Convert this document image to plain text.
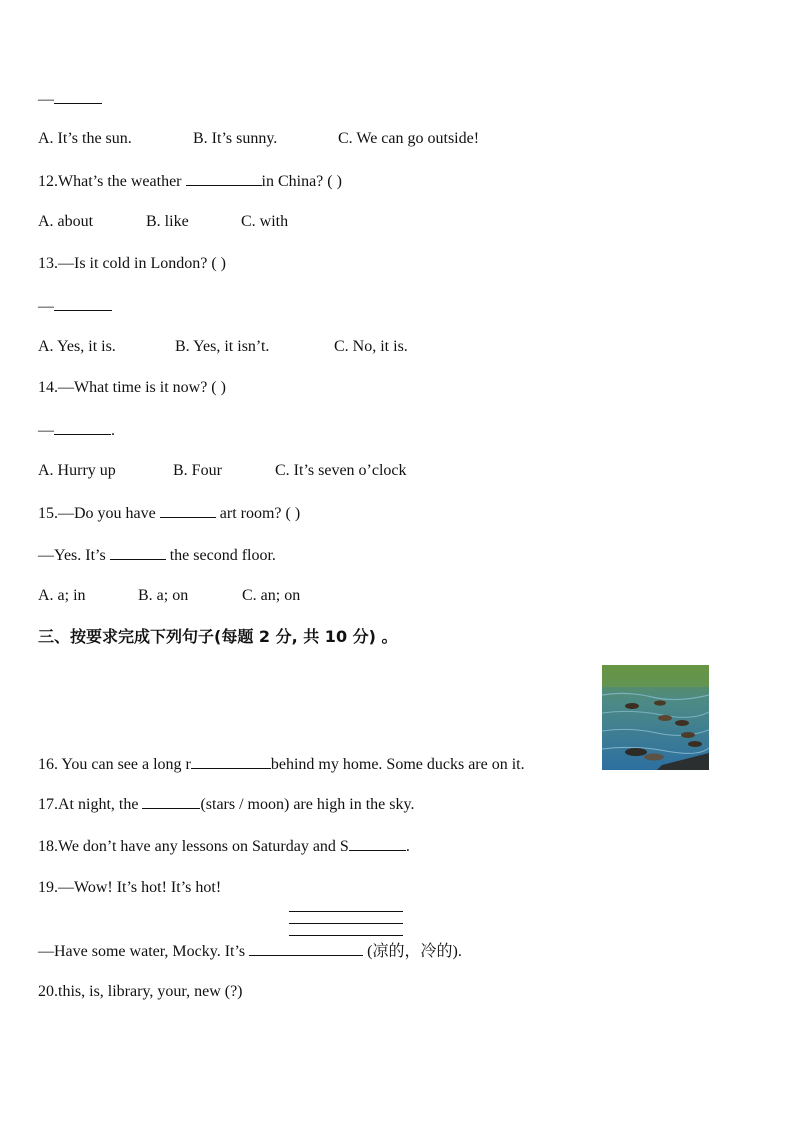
—
A. It’s the sun.	B. It’s sunny.	C. We can go outside!
12.What’s the weather	in China? ( )
A. about	B. like	C. with
13.—Is it cold in London? ( )
—
A. Yes, it is.	B. Yes, it isn’t.	C. No, it is.
14.—What time is it now? ( )
—	.
A. Hurry up	B. Four	C. It’s seven o’clock
15.—Do you have	art room? ( )
—Yes. It’s	the second floor.
A. a; in	B. a; on	C. an; on
三、按要求完成下列句子(每题 2 分, 共 10 分) 。
16. You can see a long r	behind my home. Some ducks are on it.
17.At night, the	(stars / moon) are high in the sky.
18.We don’t have any lessons on Saturday and S	.
19.—Wow! It’s hot! It’s hot!
—Have some water, Mocky. It’s	(凉的，冷的).
20.this, is, library, your, new (?)
